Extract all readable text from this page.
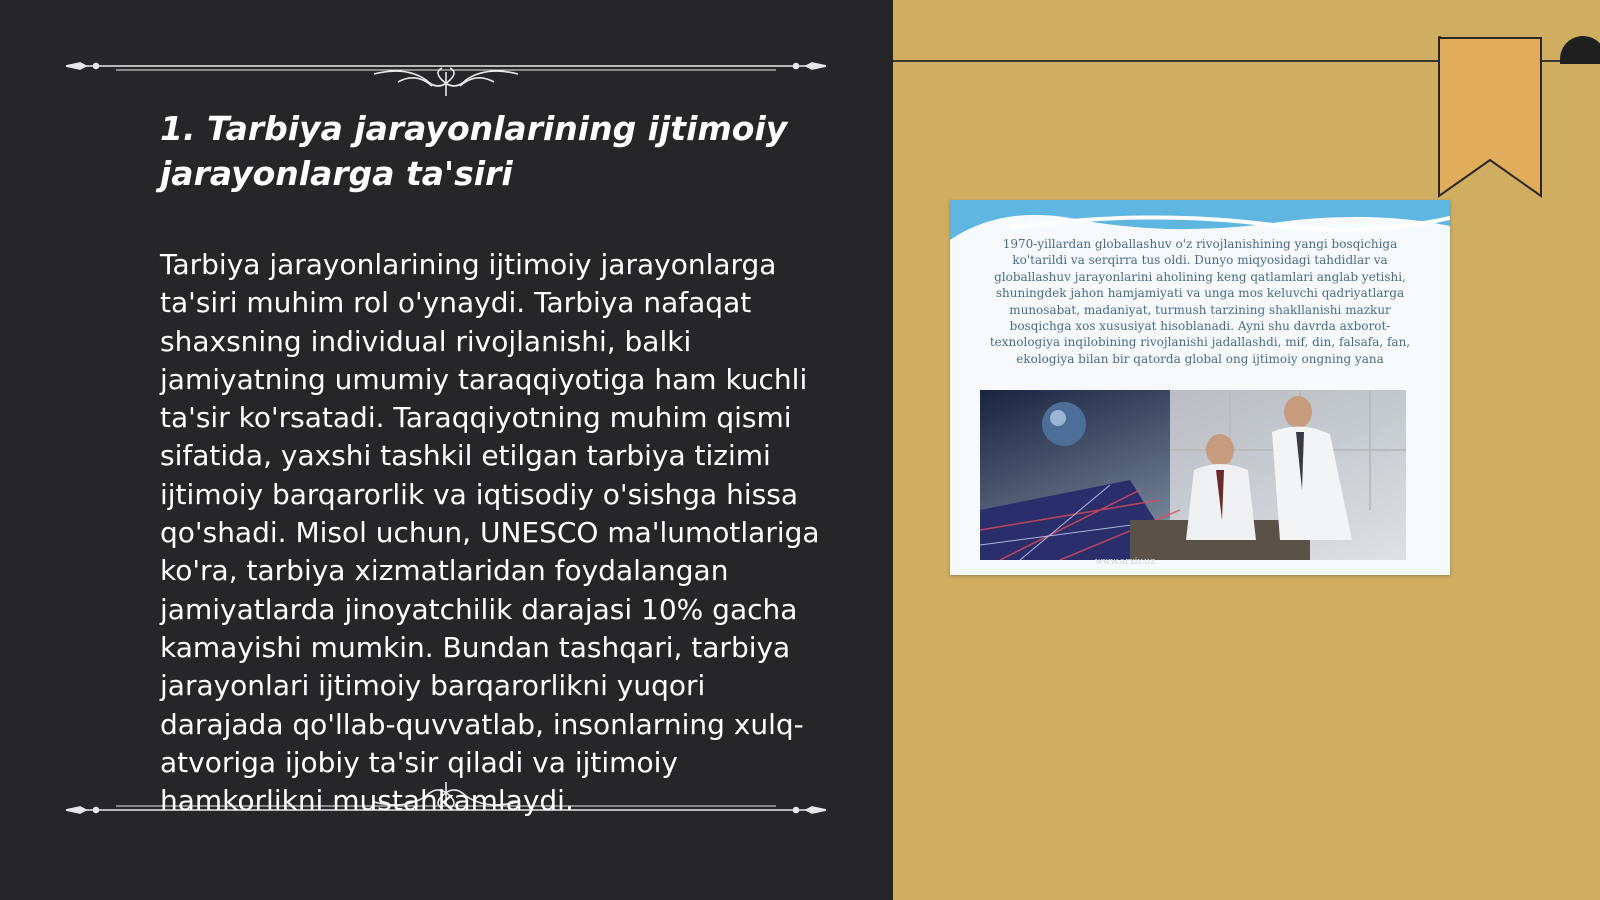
1. Tarbiya jarayonlarining ijtimoiy jarayonlarga ta'siri

Tarbiya jarayonlarining ijtimoiy jarayonlarga ta'siri muhim rol o'ynaydi. Tarbiya nafaqat shaxsning individual rivojlanishi, balki jamiyatning umumiy taraqqiyotiga ham kuchli ta'sir ko'rsatadi. Taraqqiyotning muhim qismi sifatida, yaxshi tashkil etilgan tarbiya tizimi ijtimoiy barqarorlik va iqtisodiy o'sishga hissa qo'shadi. Misol uchun, UNESCO ma'lumotlariga ko'ra, tarbiya xizmatlaridan foydalangan jamiyatlarda jinoyatchilik darajasi 10% gacha kamayishi mumkin. Bundan tashqari, tarbiya jarayonlari ijtimoiy barqarorlikni yuqori darajada qo'llab-quvvatlab, insonlarning xulq-atvoriga ijobiy ta'sir qiladi va ijtimoiy hamkorlikni mustahkamlaydi.

1970-yillardan globallashuv o'z rivojlanishining yangi bosqichiga ko'tarildi va serqirra tus oldi. Dunyo miqyosidagi tahdidlar va globallashuv jarayonlarini aholining keng qatlamlari anglab yetishi, shuningdek jahon hamjamiyati va unga mos keluvchi qadriyatlarga munosabat, madaniyat, turmush tarzining shakllanishi mazkur bosqichga xos xususiyat hisoblanadi. Ayni shu davrda axborot-texnologiya inqilobining rivojlanishi jadallashdi, mif, din, falsafa, fan, ekologiya bilan bir qatorda global ong ijtimoiy ongning yana

www.arxiv.uz
